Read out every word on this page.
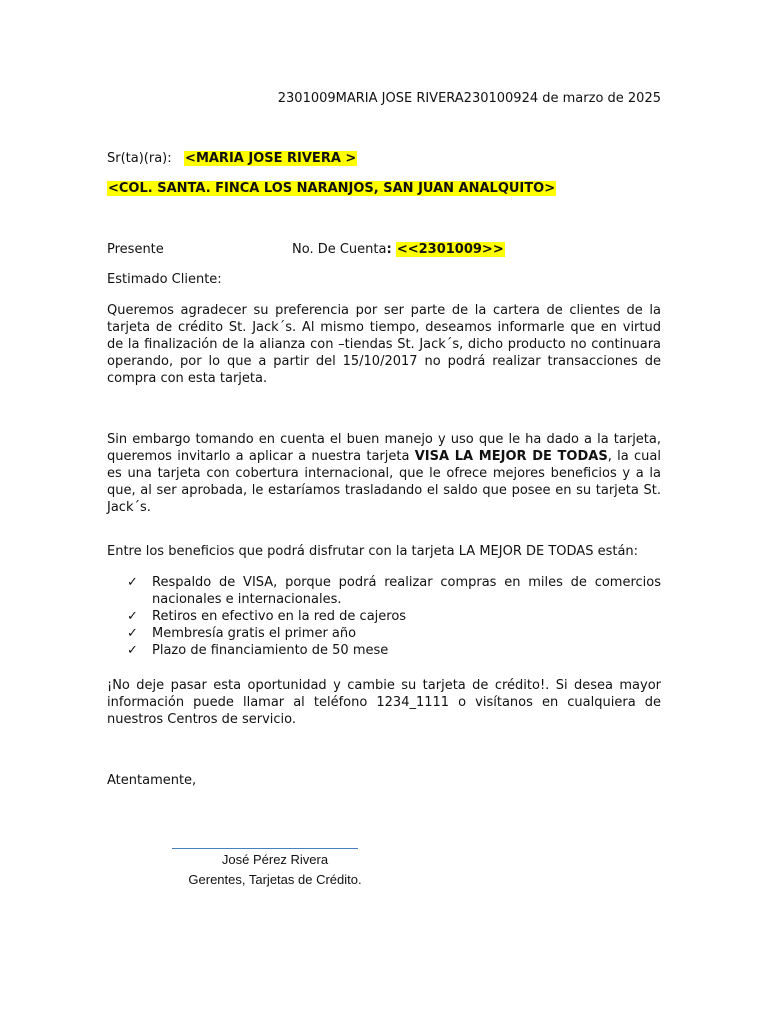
2301009MARIA JOSE RIVERA230100924 de marzo de 2025

Sr(ta)(ra): <MARIA JOSE RIVERA >

<COL. SANTA. FINCA LOS NARANJOS, SAN JUAN ANALQUITO>

Presente	No. De Cuenta: <<2301009>>

Estimado Cliente:

Queremos agradecer su preferencia por ser parte de la cartera de clientes de la tarjeta de crédito St. Jack´s. Al mismo tiempo, deseamos informarle que en virtud de la finalización de la alianza con –tiendas St. Jack´s, dicho producto no continuara operando, por lo que a partir del 15/10/2017 no podrá realizar transacciones de compra con esta tarjeta.

Sin embargo tomando en cuenta el buen manejo y uso que le ha dado a la tarjeta, queremos invitarlo a aplicar a nuestra tarjeta VISA LA MEJOR DE TODAS, la cual es una tarjeta con cobertura internacional, que le ofrece mejores beneficios y a la que, al ser aprobada, le estaríamos trasladando el saldo que posee en su tarjeta St. Jack´s.

Entre los beneficios que podrá disfrutar con la tarjeta LA MEJOR DE TODAS están:

✓ Respaldo de VISA, porque podrá realizar compras en miles de comercios nacionales e internacionales.
✓ Retiros en efectivo en la red de cajeros
✓ Membresía gratis el primer año
✓ Plazo de financiamiento de 50 mese

¡No deje pasar esta oportunidad y cambie su tarjeta de crédito!. Si desea mayor información puede llamar al teléfono 1234_1111 o visítanos en cualquiera de nuestros Centros de servicio.

Atentamente,

José Pérez Rivera

Gerentes, Tarjetas de Crédito.
